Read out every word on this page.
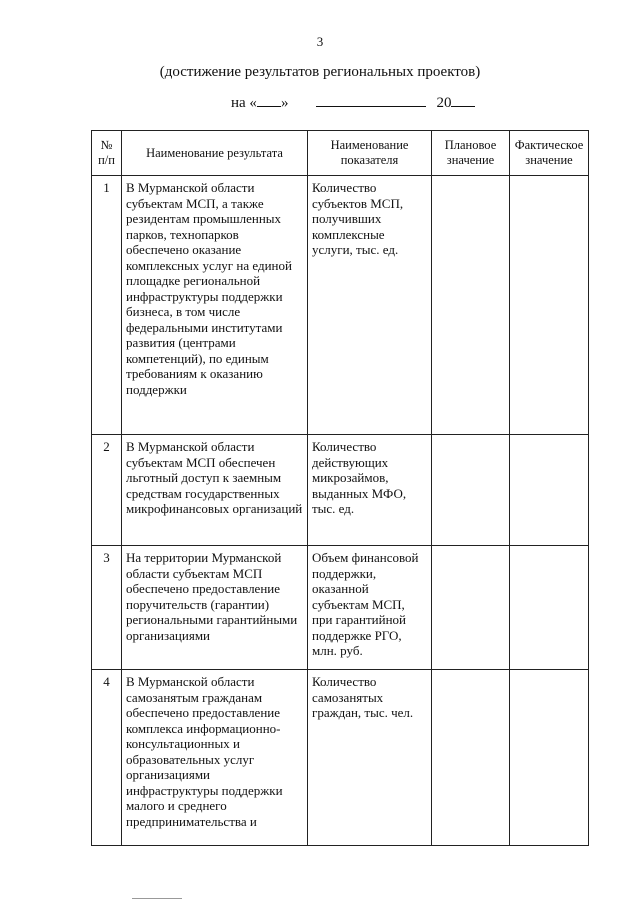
3
(достижение результатов региональных проектов)
на « »	20
№ п/п	Наименование результата	Наименование показателя	Плановое значение	Фактическое значение
1	В Мурманской области субъектам МСП, а также резидентам промышленных парков, технопарков обеспечено оказание комплексных услуг на единой площадке региональной инфраструктуры поддержки бизнеса, в том числе федеральными институтами развития (центрами компетенций), по единым требованиям к оказанию поддержки	Количество субъектов МСП, получивших комплексные услуги, тыс. ед.		
2	В Мурманской области субъектам МСП обеспечен льготный доступ к заемным средствам государственных микрофинансовых организаций	Количество действующих микрозаймов, выданных МФО, тыс. ед.		
3	На территории Мурманской области субъектам МСП обеспечено предоставление поручительств (гарантии) региональными гарантийными организациями	Объем финансовой поддержки, оказанной субъектам МСП, при гарантийной поддержке РГО, млн. руб.		
4	В Мурманской области самозанятым гражданам обеспечено предоставление комплекса информационно-консультационных и образовательных услуг организациями инфраструктуры поддержки малого и среднего предпринимательства и	Количество самозанятых граждан, тыс. чел.		
